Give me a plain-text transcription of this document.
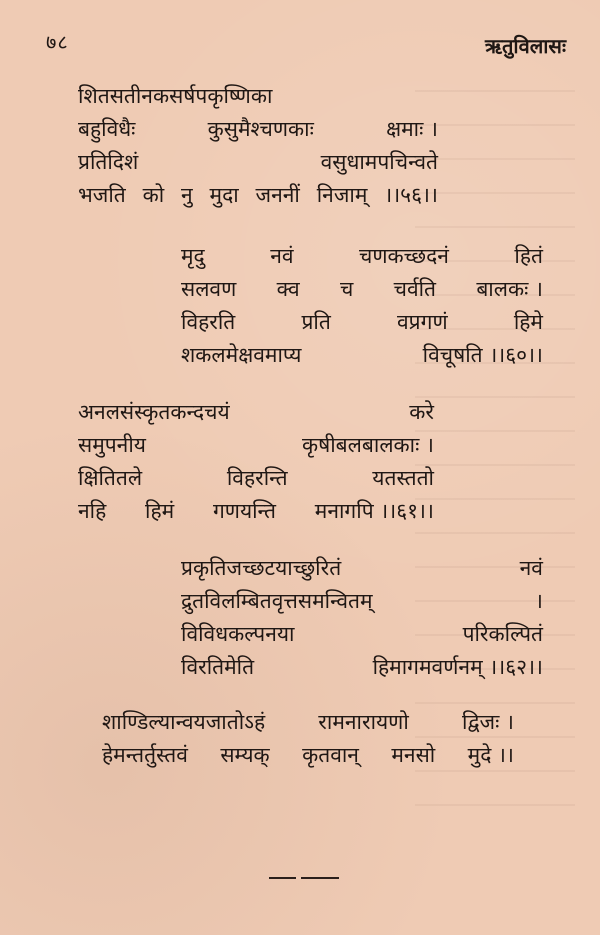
७८	ऋतुविलासः
शितसतीनकसर्षपकृष्णिका
बहुविधैः	कुसुमैश्चणकाः	क्षमाः ।
प्रतिदिशं	वसुधामपचिन्वते
भजति को नु मुदा जननीं निजाम् ।।५६।।
मृदु	नवं	चणकच्छदनं	हितं
सलवण क्व च चर्वति बालकः ।
विहरति	प्रति	वप्रगणं	हिमे
शकलमेक्षवमाप्य	विचूषति ।।६०।।
अनलसंस्कृतकन्दचयं	करे
समुपनीय	कृषीबलबालकाः ।
क्षितितले	विहरन्ति	यतस्ततो
नहि हिमं गणयन्ति मनागपि ।।६१।।
प्रकृतिजच्छटयाच्छुरितं	नवं
द्रुतविलम्बितवृत्तसमन्वितम्	।
विविधकल्पनया	परिकल्पितं
विरतिमेति	हिमागमवर्णनम् ।।६२।।
शाण्डिल्यान्वयजातोऽहं	रामनारायणो	द्विजः ।
हेमन्तर्तुस्तवं सम्यक् कृतवान् मनसो मुदे ।।
